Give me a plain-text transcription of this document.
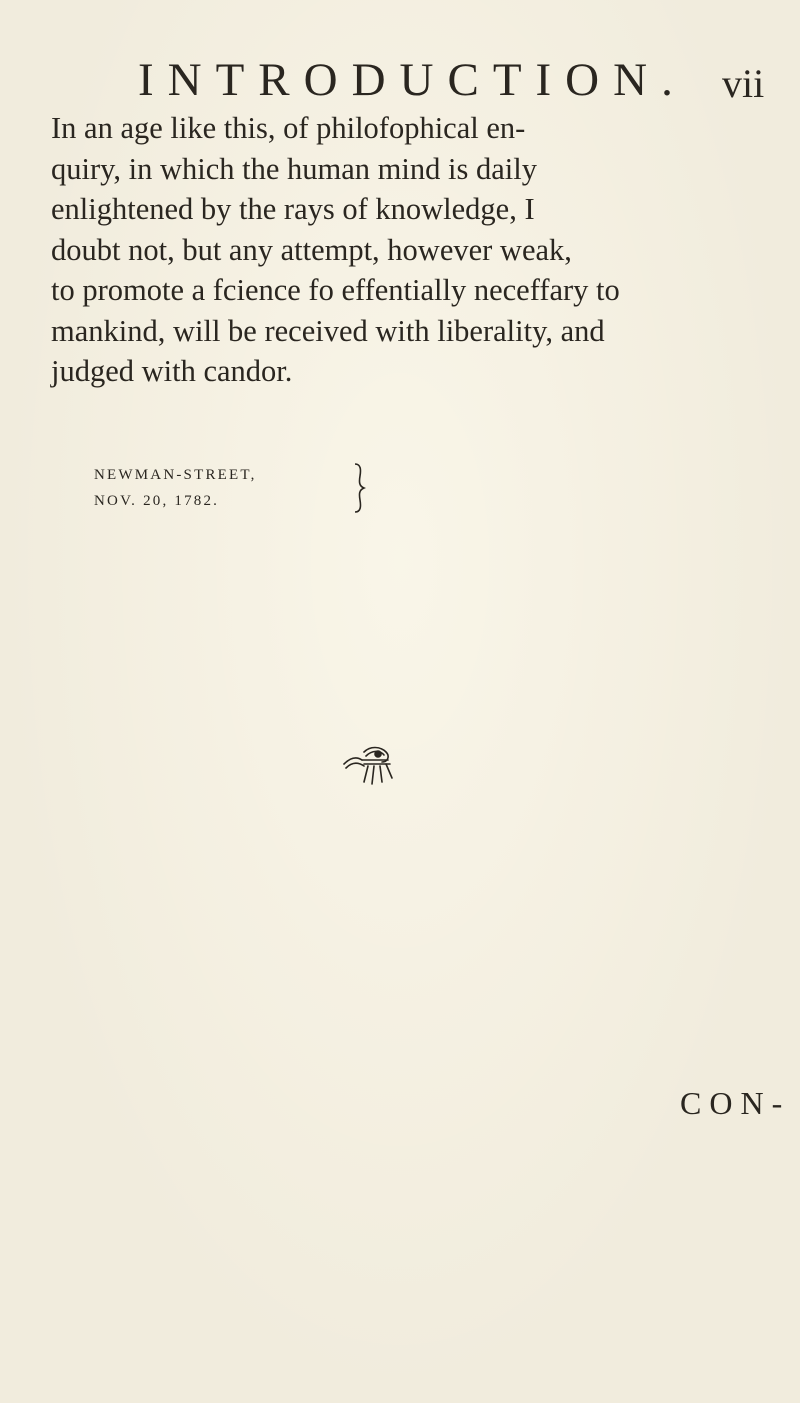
INTRODUCTION. vii
In an age like this, of philofophical en-
quiry, in which the human mind is daily
enlightened by the rays of knowledge, I
doubt not, but any attempt, however weak,
to promote a fcience fo effentially neceffary to
mankind, will be received with liberality, and
judged with candor.
NEWMAN-STREET,
NOV. 20, 1782.
CON-
